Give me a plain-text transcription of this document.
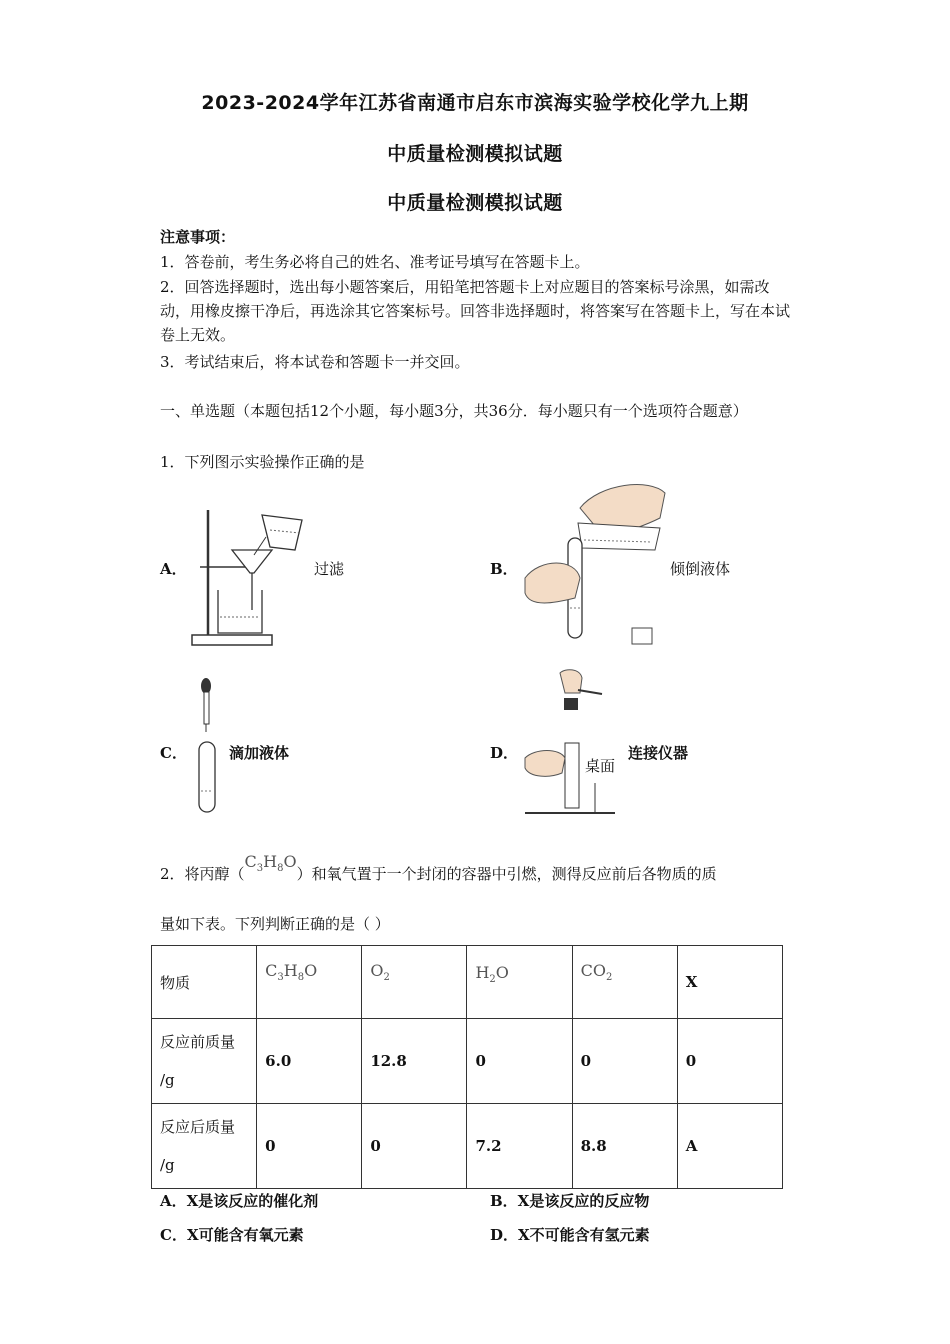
2023-2024学年江苏省南通市启东市滨海实验学校化学九上期
中质量检测模拟试题
中质量检测模拟试题
注意事项：
1．答卷前，考生务必将自己的姓名、准考证号填写在答题卡上。
2．回答选择题时，选出每小题答案后，用铅笔把答题卡上对应题目的答案标号涂黑，如需改动，用橡皮擦干净后，再选涂其它答案标号。回答非选择题时，将答案写在答题卡上，写在本试卷上无效。
3．考试结束后，将本试卷和答题卡一并交回。
一、单选题（本题包括12个小题，每小题3分，共36分．每小题只有一个选项符合题意）
1．下列图示实验操作正确的是
A．	过滤	B．	倾倒液体
C．	滴加液体	D．
桌面
连接仪器
2．将丙醇$(C_3H_8O)$和氧气置于一个封闭的容器中引燃，测得反应前后各物质的质
量如下表。下列判断正确的是（ ）
物质	$C_3H_8O$	$O_2$	$H_2O$	$CO_2$	X
反应前质量
/g	6.0	12.8	0	0	0
反应后质量
/g	0	0	7.2	8.8	A
A．X是该反应的催化剂	B．X是该反应的反应物
C．X可能含有氧元素	D．X不可能含有氢元素
